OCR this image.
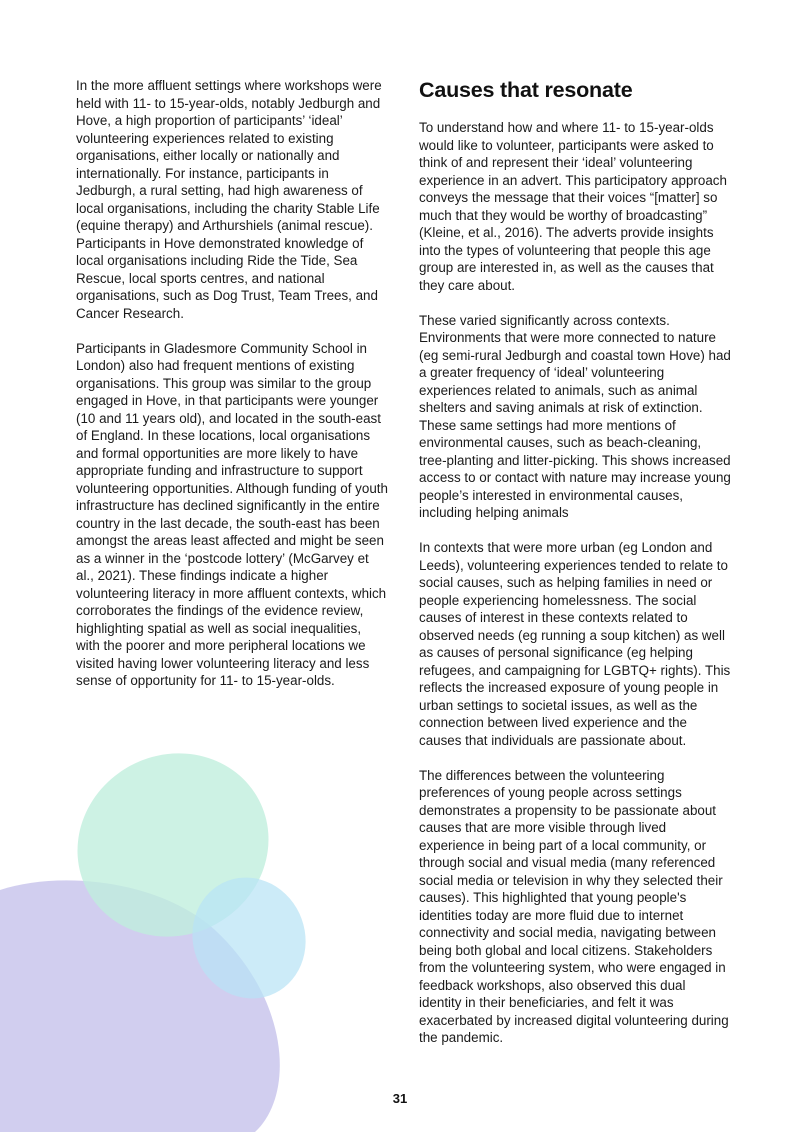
In the more affluent settings where workshops were held with 11- to 15-year-olds, notably Jedburgh and Hove, a high proportion of participants’ ‘ideal’ volunteering experiences related to existing organisations, either locally or nationally and internationally. For instance, participants in Jedburgh, a rural setting, had high awareness of local organisations, including the charity Stable Life (equine therapy) and Arthurshiels (animal rescue). Participants in Hove demonstrated knowledge of local organisations including Ride the Tide, Sea Rescue, local sports centres, and national organisations, such as Dog Trust, Team Trees, and Cancer Research.

Participants in Gladesmore Community School in London) also had frequent mentions of existing organisations. This group was similar to the group engaged in Hove, in that participants were younger (10 and 11 years old), and located in the south-east of England. In these locations, local organisations and formal opportunities are more likely to have appropriate funding and infrastructure to support volunteering opportunities. Although funding of youth infrastructure has declined significantly in the entire country in the last decade, the south-east has been amongst the areas least affected and might be seen as a winner in the ‘postcode lottery’ (McGarvey et al., 2021). These findings indicate a higher volunteering literacy in more affluent contexts, which corroborates the findings of the evidence review, highlighting spatial as well as social inequalities, with the poorer and more peripheral locations we visited having lower volunteering literacy and less sense of opportunity for 11- to 15-year-olds.

Causes that resonate

To understand how and where 11- to 15-year-olds would like to volunteer, participants were asked to think of and represent their ‘ideal’ volunteering experience in an advert. This participatory approach conveys the message that their voices “[matter] so much that they would be worthy of broadcasting” (Kleine, et al., 2016). The adverts provide insights into the types of volunteering that people this age group are interested in, as well as the causes that they care about.

These varied significantly across contexts. Environments that were more connected to nature (eg semi-rural Jedburgh and coastal town Hove) had a greater frequency of ‘ideal’ volunteering experiences related to animals, such as animal shelters and saving animals at risk of extinction. These same settings had more mentions of environmental causes, such as beach-cleaning, tree-planting and litter-picking. This shows increased access to or contact with nature may increase young people’s interested in environmental causes, including helping animals

In contexts that were more urban (eg London and Leeds), volunteering experiences tended to relate to social causes, such as helping families in need or people experiencing homelessness. The social causes of interest in these contexts related to observed needs (eg running a soup kitchen) as well as causes of personal significance (eg helping refugees, and campaigning for LGBTQ+ rights). This reflects the increased exposure of young people in urban settings to societal issues, as well as the connection between lived experience and the causes that individuals are passionate about.

The differences between the volunteering preferences of young people across settings demonstrates a propensity to be passionate about causes that are more visible through lived experience in being part of a local community, or through social and visual media (many referenced social media or television in why they selected their causes). This highlighted that young people's identities today are more fluid due to internet connectivity and social media, navigating between being both global and local citizens. Stakeholders from the volunteering system, who were engaged in feedback workshops, also observed this dual identity in their beneficiaries, and felt it was exacerbated by increased digital volunteering during the pandemic.

31
